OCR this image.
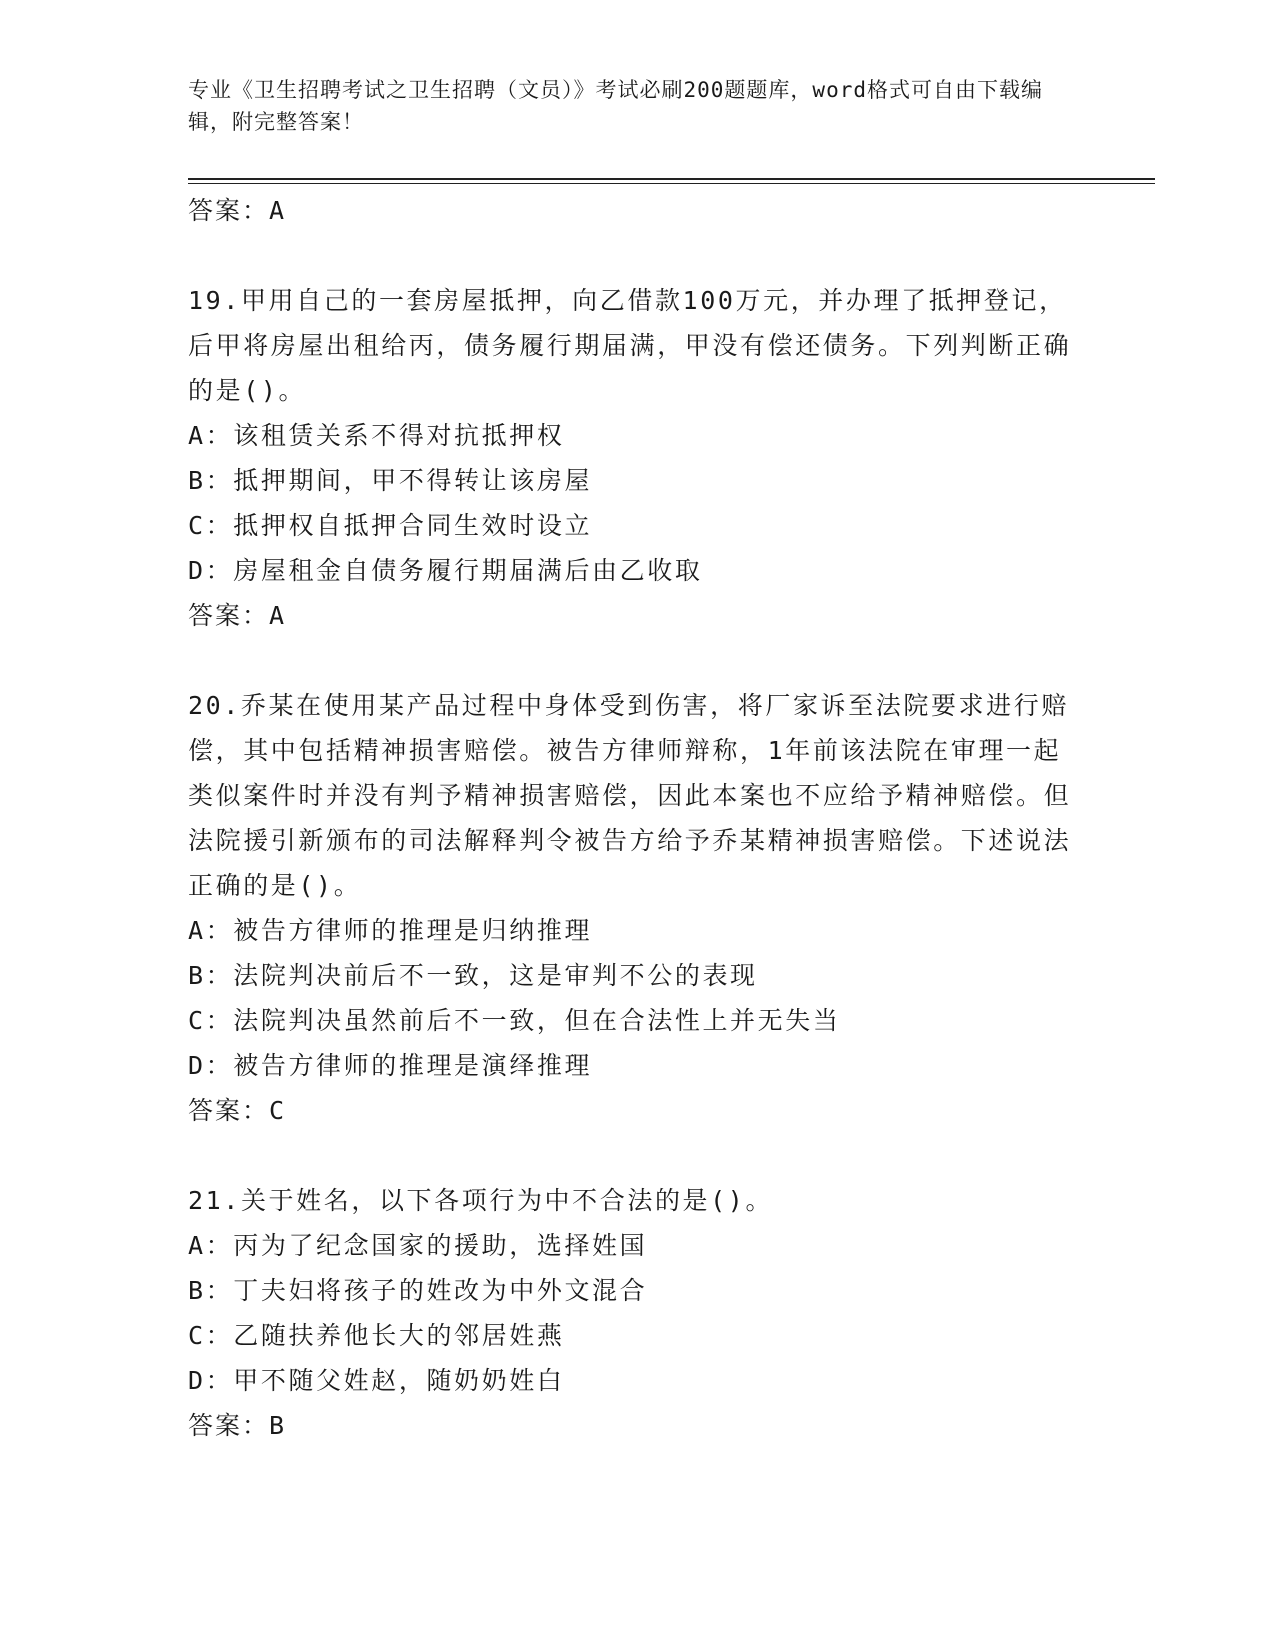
专业《卫生招聘考试之卫生招聘（文员）》考试必刷200题题库，word格式可自由下载编辑，附完整答案！

答案：A

19.甲用自己的一套房屋抵押，向乙借款100万元，并办理了抵押登记，后甲将房屋出租给丙，债务履行期届满，甲没有偿还债务。下列判断正确的是()。

A：该租赁关系不得对抗抵押权

B：抵押期间，甲不得转让该房屋

C：抵押权自抵押合同生效时设立

D：房屋租金自债务履行期届满后由乙收取

答案：A

20.乔某在使用某产品过程中身体受到伤害，将厂家诉至法院要求进行赔偿，其中包括精神损害赔偿。被告方律师辩称，1年前该法院在审理一起类似案件时并没有判予精神损害赔偿，因此本案也不应给予精神赔偿。但法院援引新颁布的司法解释判令被告方给予乔某精神损害赔偿。下述说法正确的是()。

A：被告方律师的推理是归纳推理

B：法院判决前后不一致，这是审判不公的表现

C：法院判决虽然前后不一致，但在合法性上并无失当

D：被告方律师的推理是演绎推理

答案：C

21.关于姓名，以下各项行为中不合法的是()。

A：丙为了纪念国家的援助，选择姓国

B：丁夫妇将孩子的姓改为中外文混合

C：乙随扶养他长大的邻居姓燕

D：甲不随父姓赵，随奶奶姓白

答案：B
